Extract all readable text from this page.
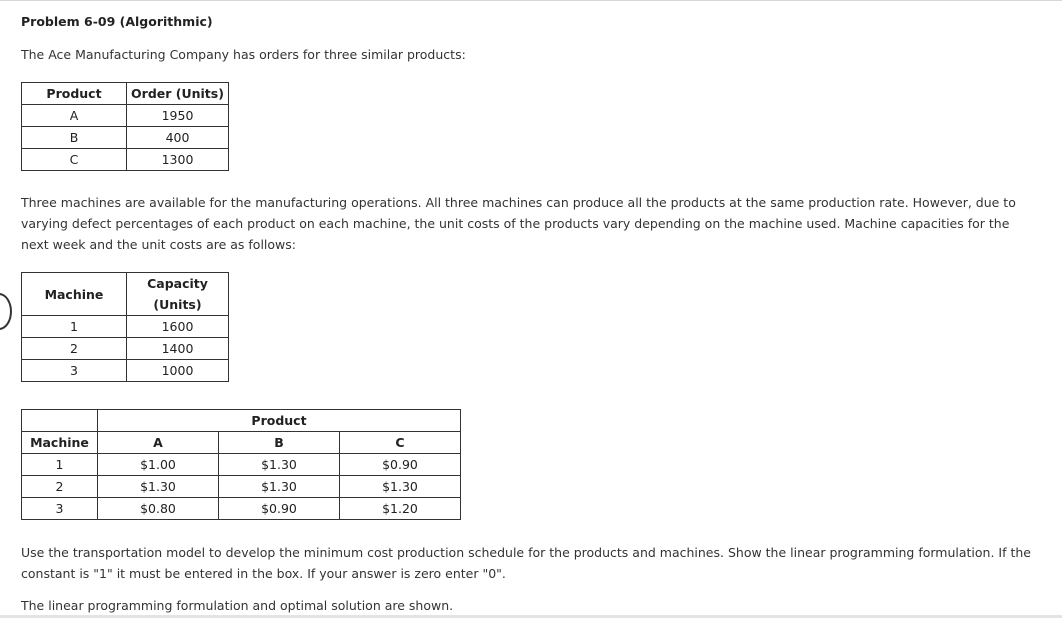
Problem 6-09 (Algorithmic)
The Ace Manufacturing Company has orders for three similar products:
Product	Order (Units)
A	1950
B	400
C	1300
Three machines are available for the manufacturing operations. All three machines can produce all the products at the same production rate. However, due to varying defect percentages of each product on each machine, the unit costs of the products vary depending on the machine used. Machine capacities for the next week and the unit costs are as follows:
Machine	Capacity
(Units)
1	1600
2	1400
3	1000
	Product		
Machine	A	B	C
1	$1.00	$1.30	$0.90
2	$1.30	$1.30	$1.30
3	$0.80	$0.90	$1.20
Use the transportation model to develop the minimum cost production schedule for the products and machines. Show the linear programming formulation. If the constant is "1" it must be entered in the box. If your answer is zero enter "0".
The linear programming formulation and optimal solution are shown.
